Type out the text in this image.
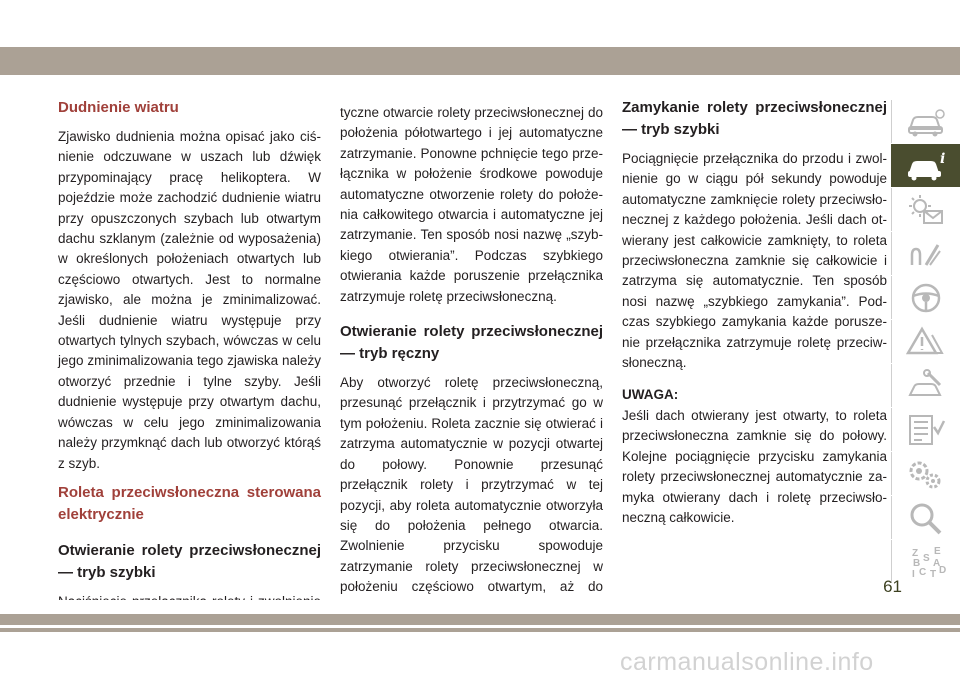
Dudnienie wiatru

Zjawisko dudnienia można opisać jako ciśnienie odczuwane w uszach lub dźwięk przypominający pracę helikoptera. W pojeździe może zachodzić dudnienie wiatru przy opuszczonych szybach lub otwartym dachu szklanym (zależnie od wyposażenia) w określonych położeniach otwartych lub częściowo otwartych. Jest to normalne zjawisko, ale można je zminimalizować. Jeśli dudnienie wiatru występuje przy otwartych tylnych szybach, wówczas w celu jego zminimalizowania tego zjawiska należy otworzyć przednie i tylne szyby. Jeśli dudnienie występuje przy otwartym dachu, wówczas w celu jego zminimalizowania należy przymknąć dach lub otworzyć którąś z szyb.

Roleta przeciwsłoneczna sterowana elektrycznie
Otwieranie rolety przeciwsłonecznej — tryb szybki

tyczne otwarcie rolety przeciwsłonecznej do położenia półotwartego i jej automatyczne zatrzymanie. Ponowne pchnięcie tego przełącznika w położenie środkowe powoduje automatyczne otworzenie rolety do położenia całkowitego otwarcia i automatyczne jej zatrzymanie. Ten sposób nosi nazwę „szybkiego otwierania”. Podczas szybkiego otwierania każde poruszenie przełącznika zatrzymuje roletę przeciwsłoneczną.

Otwieranie rolety przeciwsłonecznej — tryb ręczny

Aby otworzyć roletę przeciwsłoneczną, przesunąć przełącznik i przytrzymać go w tym położeniu. Roleta zacznie się otwierać i zatrzyma automatycznie w pozycji otwartej do połowy. Ponownie przesunąć przełącznik rolety i przytrzymać w tej pozycji, aby roleta automatycznie otworzyła się do położenia pełnego otwarcia. Zwolnienie przycisku spowoduje zatrzymanie rolety przeciwsłonecznej w położeniu częściowo otwartym, aż do

Zamykanie rolety przeciwsłonecznej — tryb szybki

Pociągnięcie przełącznika do przodu i zwolnienie go w ciągu pół sekundy powoduje automatyczne zamknięcie rolety przeciwsłonecznej z każdego położenia. Jeśli dach otwierany jest całkowicie zamknięty, to roleta przeciwsłoneczna zamknie się całkowicie i zatrzyma się automatycznie. Ten sposób nosi nazwę „szybkiego zamykania”. Podczas szybkiego zamykania każde poruszenie przełącznika zatrzymuje roletę przeciwsłoneczną.

UWAGA:

Jeśli dach otwierany jest otwarty, to roleta przeciwsłoneczna zamknie się do połowy. Kolejne pociągnięcie przycisku zamykania rolety przeciwsłonecznej automatycznie zamyka otwierany dach i roletę przeciwsłoneczną całkowicie.

i
Z E
B S A
D
I C T
61
carmanualsonline.info
